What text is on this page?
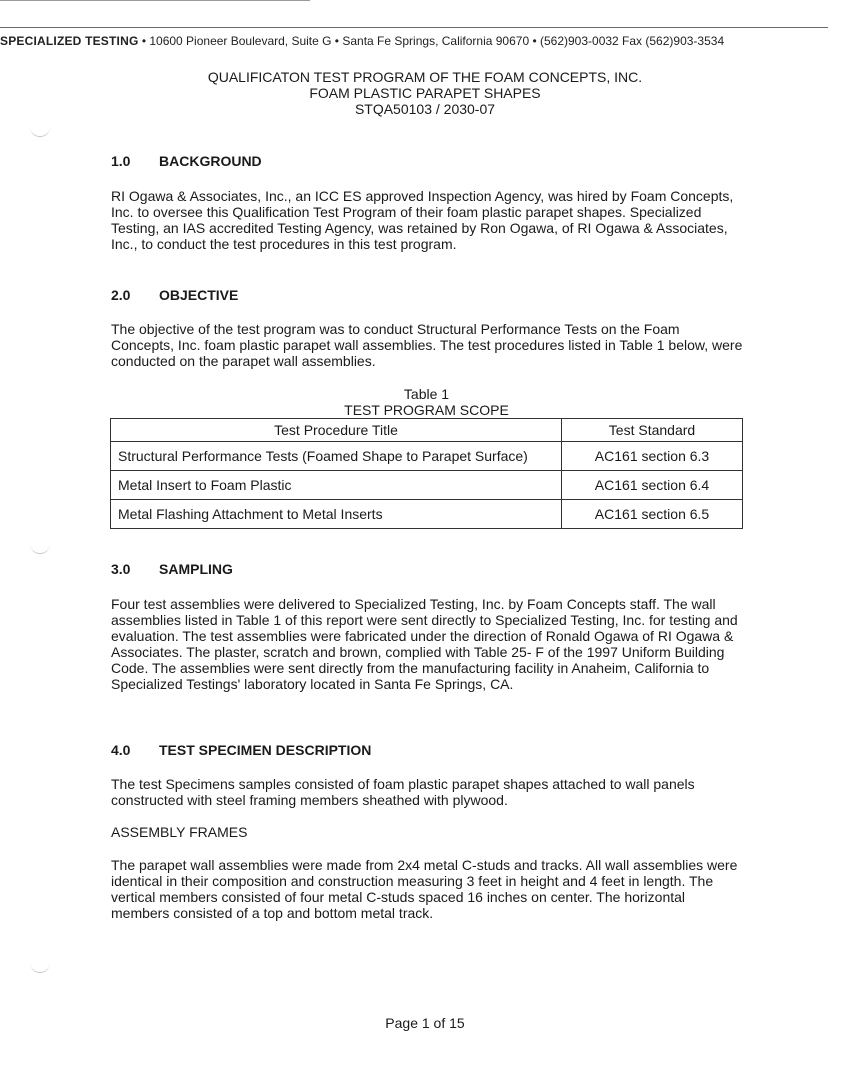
SPECIALIZED TESTING • 10600 Pioneer Boulevard, Suite G • Santa Fe Springs, California 90670 • (562)903-0032 Fax (562)903-3534
QUALIFICATON TEST PROGRAM OF THE FOAM CONCEPTS, INC.
FOAM PLASTIC PARAPET SHAPES
STQA50103 / 2030-07
1.0 BACKGROUND

RI Ogawa & Associates, Inc., an ICC ES approved Inspection Agency, was hired by Foam Concepts, Inc. to oversee this Qualification Test Program of their foam plastic parapet shapes. Specialized Testing, an IAS accredited Testing Agency, was retained by Ron Ogawa, of RI Ogawa & Associates, Inc., to conduct the test procedures in this test program.

2.0 OBJECTIVE

The objective of the test program was to conduct Structural Performance Tests on the Foam Concepts, Inc. foam plastic parapet wall assemblies. The test procedures listed in Table 1 below, were conducted on the parapet wall assemblies.

Table 1
TEST PROGRAM SCOPE
Test Procedure Title	Test Standard
Structural Performance Tests (Foamed Shape to Parapet Surface)	AC161 section 6.3
Metal Insert to Foam Plastic	AC161 section 6.4
Metal Flashing Attachment to Metal Inserts	AC161 section 6.5
3.0 SAMPLING

Four test assemblies were delivered to Specialized Testing, Inc. by Foam Concepts staff. The wall assemblies listed in Table 1 of this report were sent directly to Specialized Testing, Inc. for testing and evaluation. The test assemblies were fabricated under the direction of Ronald Ogawa of RI Ogawa & Associates. The plaster, scratch and brown, complied with Table 25- F of the 1997 Uniform Building Code. The assemblies were sent directly from the manufacturing facility in Anaheim, California to Specialized Testings' laboratory located in Santa Fe Springs, CA.

4.0 TEST SPECIMEN DESCRIPTION

The test Specimens samples consisted of foam plastic parapet shapes attached to wall panels constructed with steel framing members sheathed with plywood.

ASSEMBLY FRAMES

The parapet wall assemblies were made from 2x4 metal C-studs and tracks. All wall assemblies were identical in their composition and construction measuring 3 feet in height and 4 feet in length. The vertical members consisted of four metal C-studs spaced 16 inches on center. The horizontal members consisted of a top and bottom metal track.

Page 1 of 15
